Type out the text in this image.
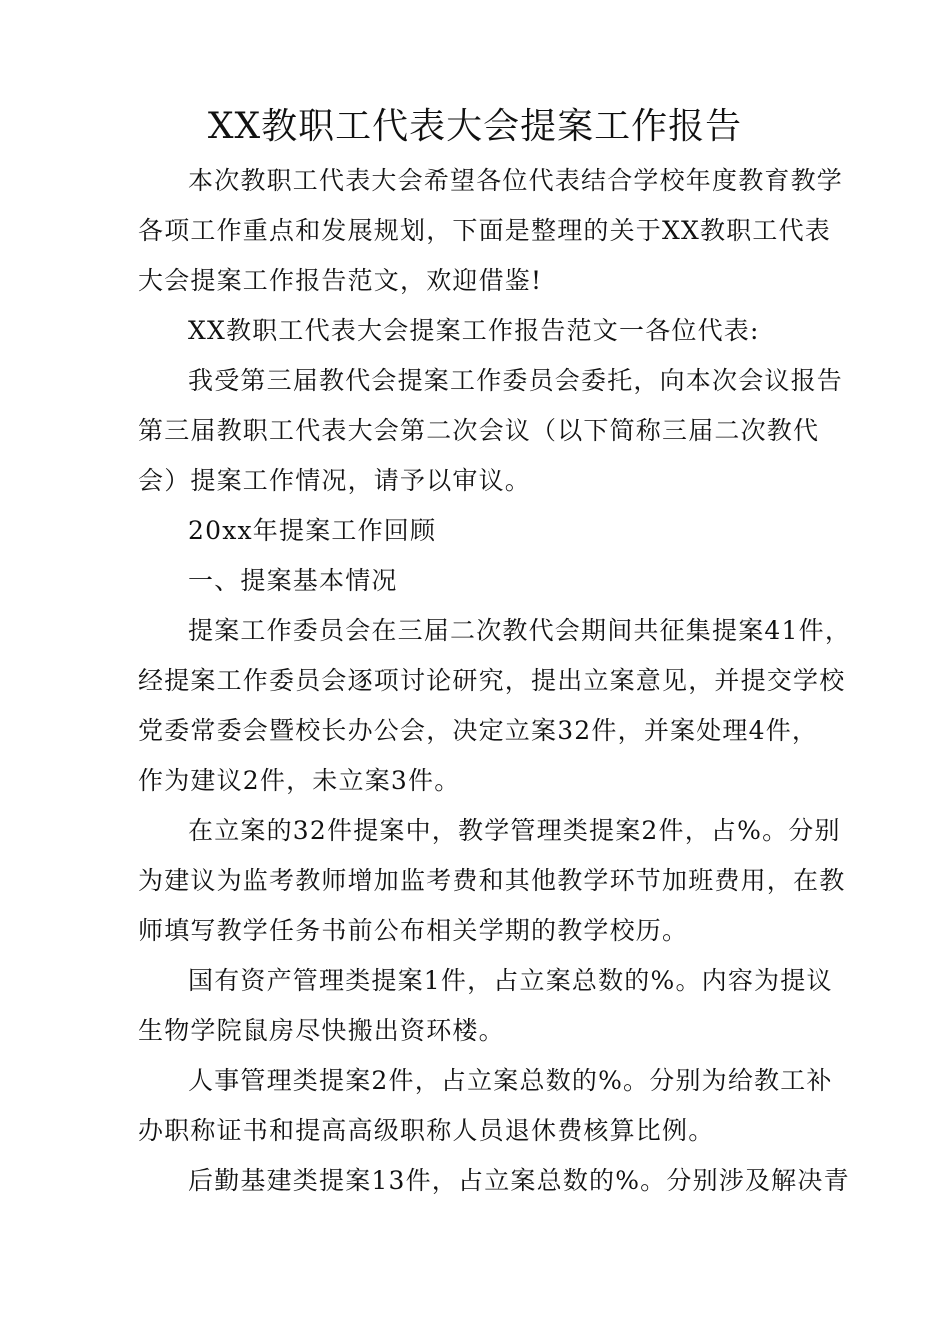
XX教职工代表大会提案工作报告
本次教职工代表大会希望各位代表结合学校年度教育教学
各项工作重点和发展规划，下面是整理的关于XX教职工代表
大会提案工作报告范文，欢迎借鉴!
XX教职工代表大会提案工作报告范文一各位代表:
我受第三届教代会提案工作委员会委托，向本次会议报告
第三届教职工代表大会第二次会议（以下简称三届二次教代
会）提案工作情况，请予以审议。
20xx年提案工作回顾
一、提案基本情况
提案工作委员会在三届二次教代会期间共征集提案41件，
经提案工作委员会逐项讨论研究，提出立案意见，并提交学校
党委常委会暨校长办公会，决定立案32件，并案处理4件，
作为建议2件，未立案3件。
在立案的32件提案中，教学管理类提案2件，占%。分别
为建议为监考教师增加监考费和其他教学环节加班费用，在教
师填写教学任务书前公布相关学期的教学校历。
国有资产管理类提案1件，占立案总数的%。内容为提议
生物学院鼠房尽快搬出资环楼。
人事管理类提案2件，占立案总数的%。分别为给教工补
办职称证书和提高高级职称人员退休费核算比例。
后勤基建类提案13件，占立案总数的%。分别涉及解决青
